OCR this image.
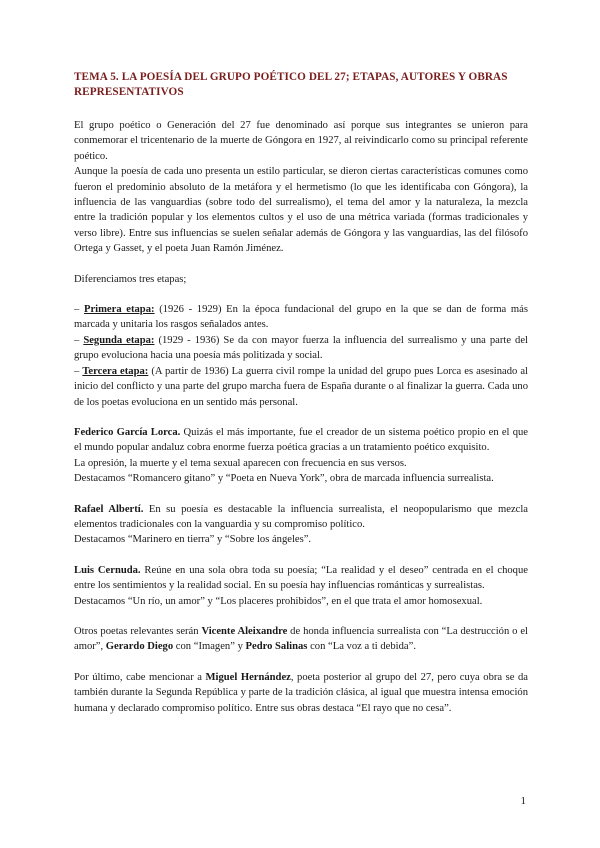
TEMA 5. LA POESÍA DEL GRUPO POÉTICO DEL 27; ETAPAS, AUTORES Y OBRAS REPRESENTATIVOS

El grupo poético o Generación del 27 fue denominado así porque sus integrantes se unieron para conmemorar el tricentenario de la muerte de Góngora en 1927, al reivindicarlo como su principal referente poético.

Aunque la poesía de cada uno presenta un estilo particular, se dieron ciertas características comunes como fueron el predominio absoluto de la metáfora y el hermetismo (lo que les identificaba con Góngora), la influencia de las vanguardias (sobre todo del surrealismo), el tema del amor y la naturaleza, la mezcla entre la tradición popular y los elementos cultos y el uso de una métrica variada (formas tradicionales y verso libre). Entre sus influencias se suelen señalar además de Góngora y las vanguardias, las del filósofo Ortega y Gasset, y el poeta Juan Ramón Jiménez.

Diferenciamos tres etapas;

– Primera etapa: (1926 - 1929) En la época fundacional del grupo en la que se dan de forma más marcada y unitaria los rasgos señalados antes.

– Segunda etapa: (1929 - 1936) Se da con mayor fuerza la influencia del surrealismo y una parte del grupo evoluciona hacia una poesía más politizada y social.

– Tercera etapa: (A partir de 1936) La guerra civil rompe la unidad del grupo pues Lorca es asesinado al inicio del conflicto y una parte del grupo marcha fuera de España durante o al finalizar la guerra. Cada uno de los poetas evoluciona en un sentido más personal.

Federico García Lorca. Quizás el más importante, fue el creador de un sistema poético propio en el que el mundo popular andaluz cobra enorme fuerza poética gracias a un tratamiento poético exquisito.

La opresión, la muerte y el tema sexual aparecen con frecuencia en sus versos.

Destacamos “Romancero gitano” y “Poeta en Nueva York”, obra de marcada influencia surrealista.

Rafael Albertí. En su poesía es destacable la influencia surrealista, el neopopularismo que mezcla elementos tradicionales con la vanguardia y su compromiso político.

Destacamos “Marinero en tierra” y “Sobre los ángeles”.

Luis Cernuda. Reúne en una sola obra toda su poesía; “La realidad y el deseo” centrada en el choque entre los sentimientos y la realidad social. En su poesía hay influencias románticas y surrealistas.

Destacamos “Un río, un amor” y “Los placeres prohibidos”, en el que trata el amor homosexual.

Otros poetas relevantes serán Vicente Aleixandre de honda influencia surrealista con “La destrucción o el amor”, Gerardo Diego con “Imagen” y Pedro Salinas con “La voz a ti debida”.

Por último, cabe mencionar a Miguel Hernández, poeta posterior al grupo del 27, pero cuya obra se da también durante la Segunda República y parte de la tradición clásica, al igual que muestra intensa emoción humana y declarado compromiso político. Entre sus obras destaca “El rayo que no cesa”.

1
